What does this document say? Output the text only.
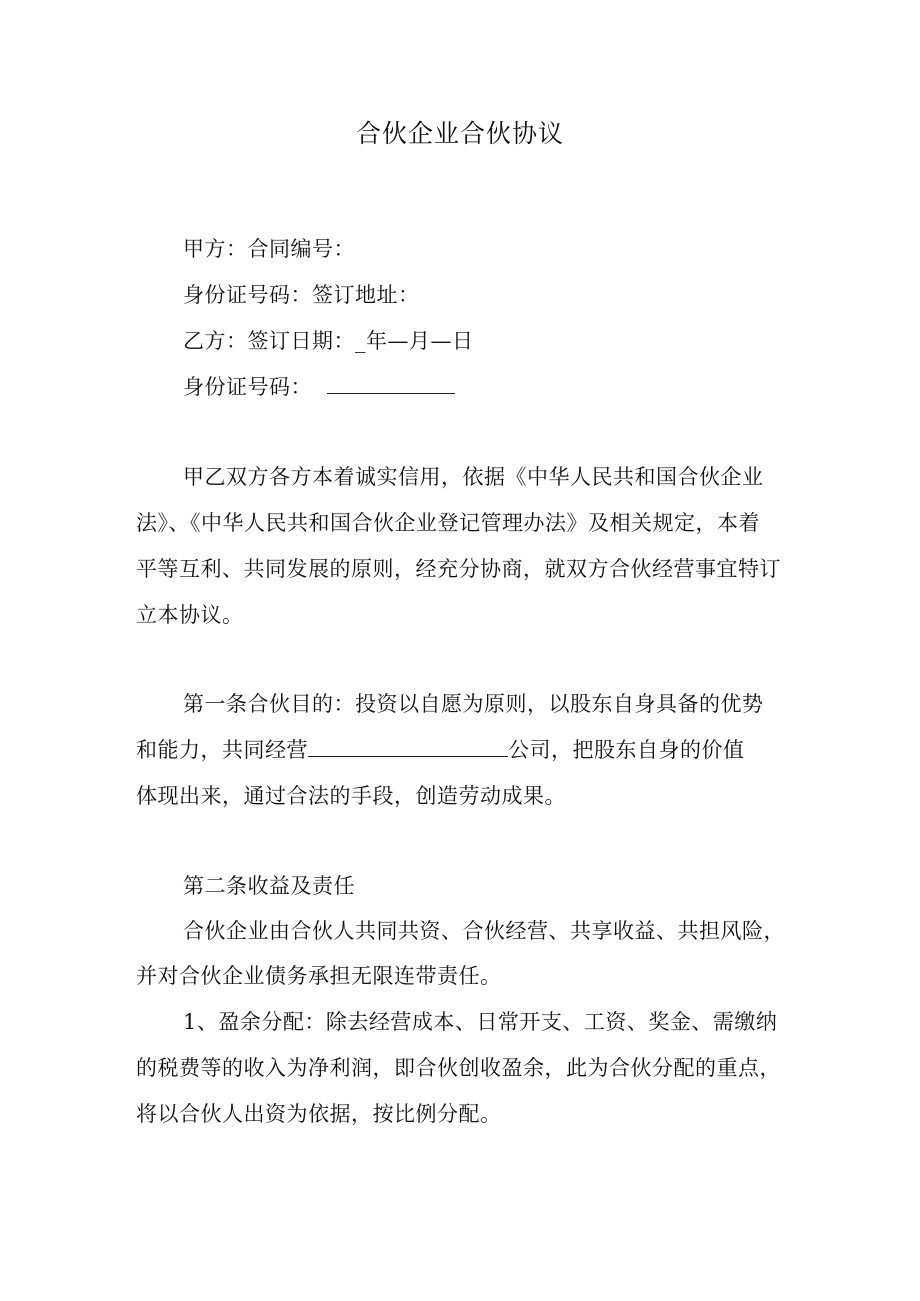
合伙企业合伙协议
甲方：合同编号：
身份证号码：签订地址：
乙方：签订日期：_年—月—日
身份证号码：
甲乙双方各方本着诚实信用，依据《中华人民共和国合伙企业
法》、《中华人民共和国合伙企业登记管理办法》及相关规定，本着
平等互利、共同发展的原则，经充分协商，就双方合伙经营事宜特订
立本协议。
第一条合伙目的：投资以自愿为原则，以股东自身具备的优势
和能力，共同经营	公司，把股东自身的价值
体现出来，通过合法的手段，创造劳动成果。
第二条收益及责任
合伙企业由合伙人共同共资、合伙经营、共享收益、共担风险，
并对合伙企业债务承担无限连带责任。
1、盈余分配：除去经营成本、日常开支、工资、奖金、需缴纳
的税费等的收入为净利润，即合伙创收盈余，此为合伙分配的重点，
将以合伙人出资为依据，按比例分配。
